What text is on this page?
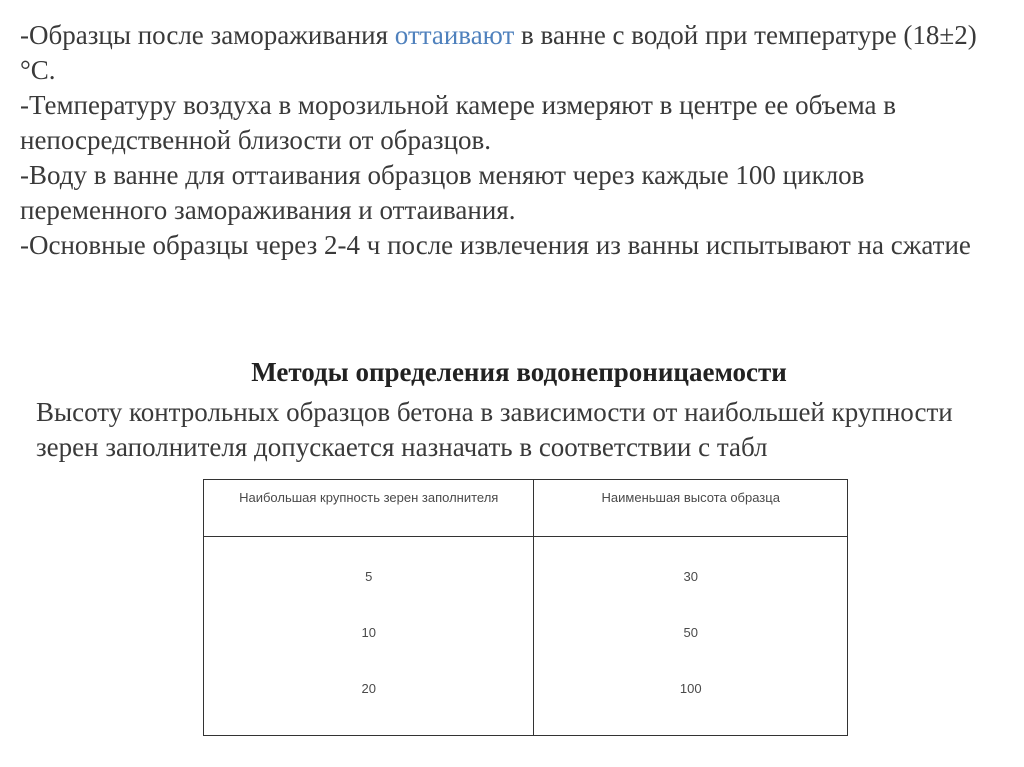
-Образцы после замораживания оттаивают в ванне с водой при температуре (18±2) °С.

-Температуру воздуха в морозильной камере измеряют в центре ее объема в непосредственной близости от образцов.

-Воду в ванне для оттаивания образцов меняют через каждые 100 циклов переменного замораживания и оттаивания.

-Основные образцы через 2-4 ч после извлечения из ванны испытывают на сжатие

Методы определения водонепроницаемости
Высоту контрольных образцов бетона в зависимости от наибольшей крупности зерен заполнителя допускается назначать в соответствии с табл
Наибольшая крупность зерен заполнителя	Наименьшая высота образца
5	30
10	50
20	100
